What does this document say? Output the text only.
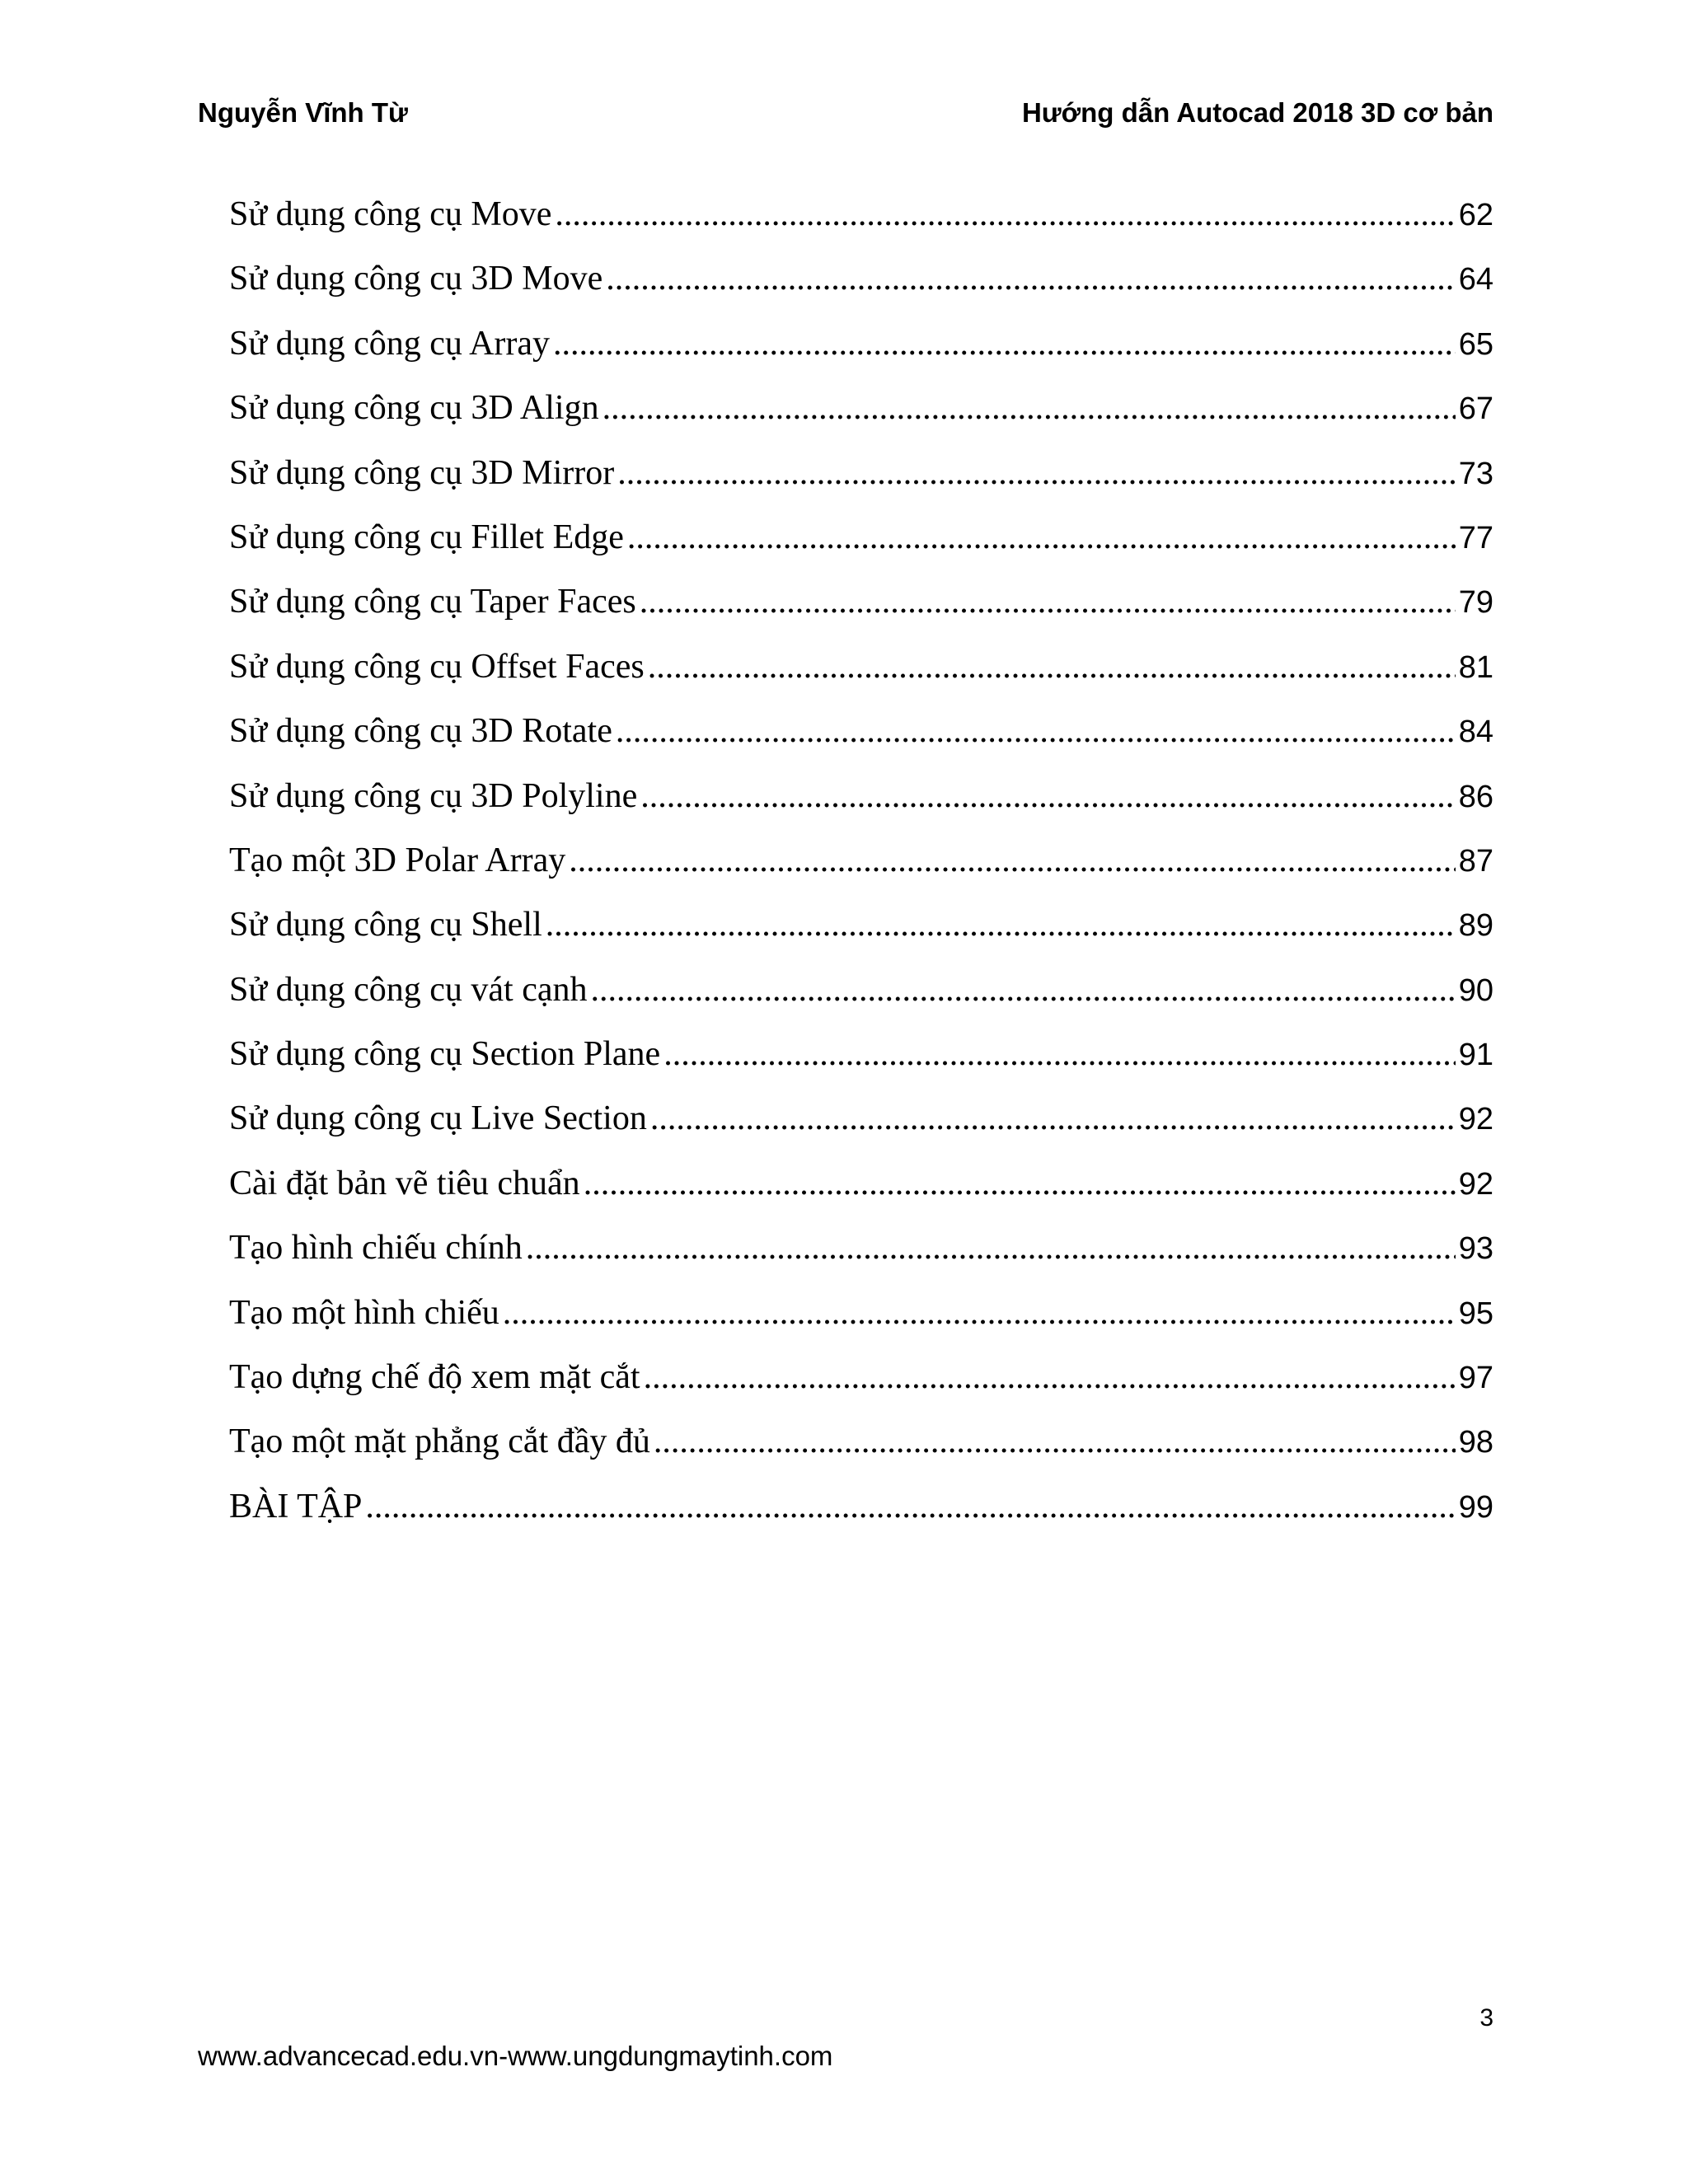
Nguyễn Vĩnh Từ	Hướng dẫn Autocad 2018 3D cơ bản
Sử dụng công cụ Move .....	62
Sử dụng công cụ 3D Move .....	64
Sử dụng công cụ Array .....	65
Sử dụng công cụ 3D Align .....	67
Sử dụng công cụ 3D Mirror .....	73
Sử dụng công cụ Fillet Edge .....	77
Sử dụng công cụ Taper Faces .....	79
Sử dụng công cụ Offset Faces .....	81
Sử dụng công cụ 3D Rotate .....	84
Sử dụng công cụ 3D Polyline .....	86
Tạo một 3D Polar Array .....	87
Sử dụng công cụ Shell .....	89
Sử dụng công cụ vát cạnh .....	90
Sử dụng công cụ Section Plane .....	91
Sử dụng công cụ Live Section .....	92
Cài đặt bản vẽ tiêu chuẩn .....	92
Tạo hình chiếu chính .....	93
Tạo một hình chiếu .....	95
Tạo dựng chế độ xem mặt cắt .....	97
Tạo một mặt phẳng cắt đầy đủ .....	98
BÀI TẬP .....	99
3
www.advancecad.edu.vn-www.ungdungmaytinh.com
